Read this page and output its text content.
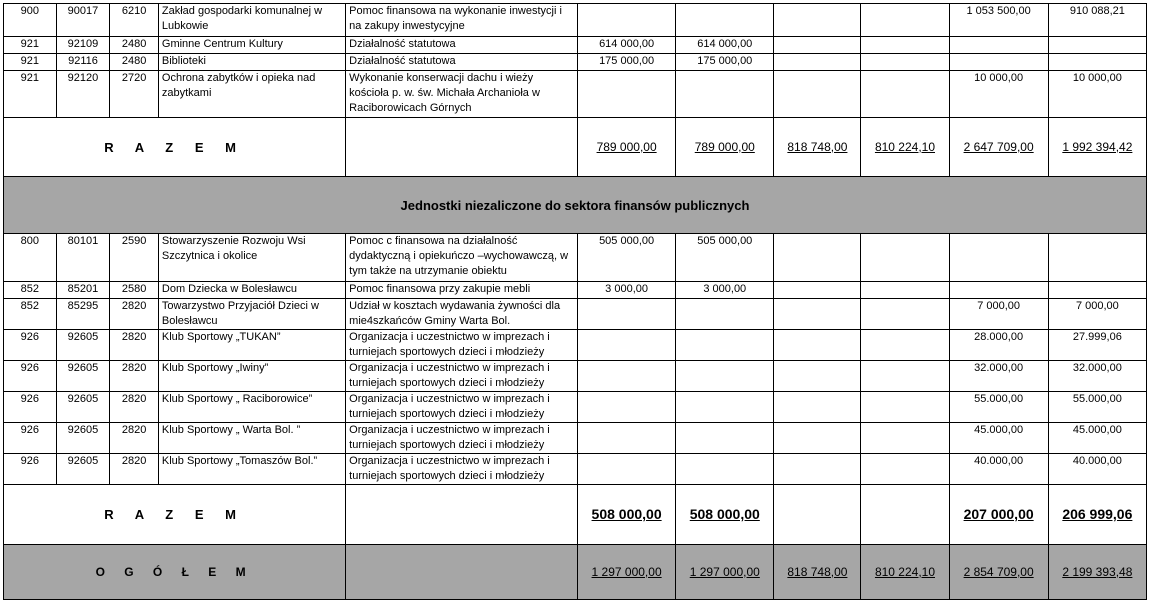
900	90017	6210	Zakład gospodarki komunalnej w Lubkowie	Pomoc finansowa na wykonanie inwestycji i na zakupy inwestycyjne					1 053 500,00	910 088,21
921	92109	2480	Gminne Centrum Kultury	Działalność statutowa	614 000,00	614 000,00				
921	92116	2480	Biblioteki	Działalność statutowa	175 000,00	175 000,00				
921	92120	2720	Ochrona zabytków i opieka nad zabytkami	Wykonanie konserwacji dachu i wieży kościoła p. w. św. Michała Archanioła w Raciborowicach Górnych					10 000,00	10 000,00
R A Z E M					789 000,00	789 000,00	818 748,00	810 224,10	2 647 709,00	1 992 394,42
Jednostki niezaliczone do sektora finansów publicznych										
800	80101	2590	Stowarzyszenie Rozwoju Wsi Szczytnica i okolice	Pomoc c finansowa na działalność dydaktyczną i opiekuńczo –wychowawczą, w tym także na utrzymanie obiektu	505 000,00	505 000,00				
852	85201	2580	Dom Dziecka w Bolesławcu	Pomoc finansowa przy zakupie mebli	3 000,00	3 000,00				
852	85295	2820	Towarzystwo Przyjaciół Dzieci w Bolesławcu	Udział w kosztach wydawania żywności dla mie4szkańców Gminy Warta Bol.					7 000,00	7 000,00
926	92605	2820	Klub Sportowy „TUKAN”	Organizacja i uczestnictwo w imprezach i turniejach sportowych dzieci i młodzieży					28.000,00	27.999,06
926	92605	2820	Klub Sportowy „Iwiny”	Organizacja i uczestnictwo w imprezach i turniejach sportowych dzieci i młodzieży					32.000,00	32.000,00
926	92605	2820	Klub Sportowy „ Raciborowice”	Organizacja i uczestnictwo w imprezach i turniejach sportowych dzieci i młodzieży					55.000,00	55.000,00
926	92605	2820	Klub Sportowy „ Warta Bol. ”	Organizacja i uczestnictwo w imprezach i turniejach sportowych dzieci i młodzieży					45.000,00	45.000,00
926	92605	2820	Klub Sportowy „Tomaszów Bol.”	Organizacja i uczestnictwo w imprezach i turniejach sportowych dzieci i młodzieży					40.000,00	40.000,00
R A Z E M					508 000,00	508 000,00			207 000,00	206 999,06
O G Ó Ł E M					1 297 000,00	1 297 000,00	818 748,00	810 224,10	2 854 709,00	2 199 393,48
